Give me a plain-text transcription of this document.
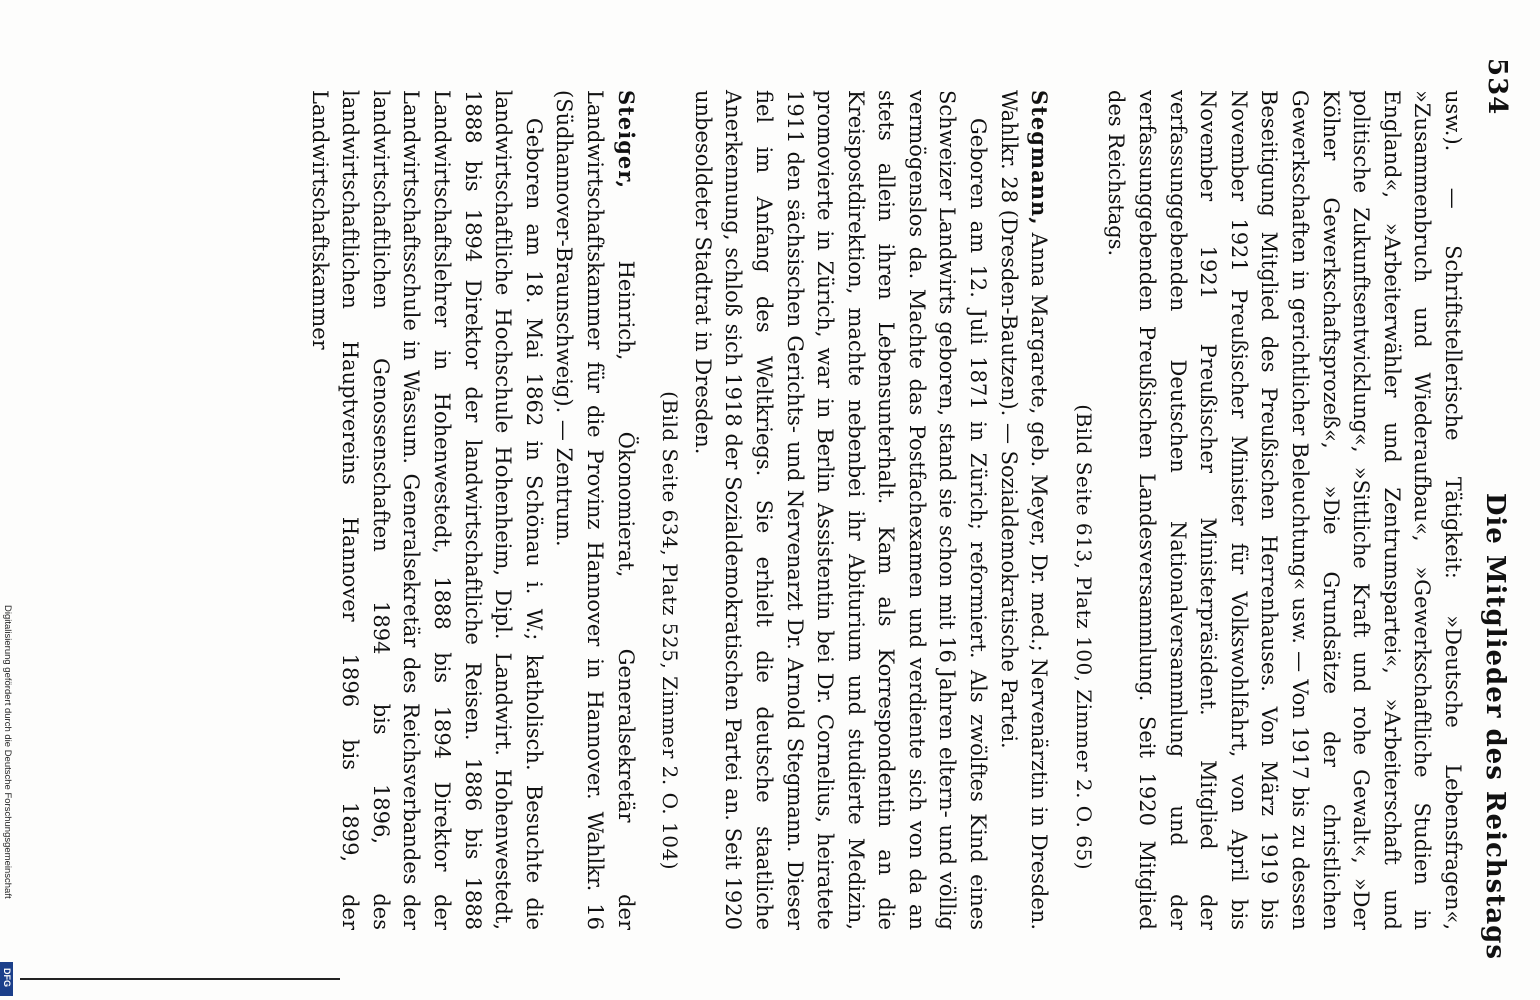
Digitalisierung gefördert durch die Deutsche Forschungsgemeinschaft
DFG
534
Die Mitglieder des Reichstags

usw.). — Schriftstellerische Tätigkeit: »Deutsche Lebensfragen«, »Zusammenbruch und Wiederaufbau«, »Gewerkschaftliche Studien in England«, »Arbeiterwähler und Zentrumspartei«, »Arbeiterschaft und politische Zukunftsentwicklung«, »Sittliche Kraft und rohe Gewalt«, »Der Kölner Gewerkschaftsprozeß«, »Die Grundsätze der christlichen Gewerkschaften in gerichtlicher Beleuchtung« usw. — Von 1917 bis zu dessen Beseitigung Mitglied des Preußischen Herrenhauses. Von März 1919 bis November 1921 Preußischer Minister für Volkswohlfahrt, von April bis November 1921 Preußischer Ministerpräsident. Mitglied der verfassunggebenden Deutschen Nationalversammlung und der verfassunggebenden Preußischen Landesversammlung. Seit 1920 Mitglied des Reichstags.

(Bild Seite 613, Platz 100, Zimmer 2. O. 65)

Stegmann, Anna Margarete, geb. Meyer, Dr. med.; Nervenärztin in Dresden. Wahlkr. 28 (Dresden-Bautzen). — Sozialdemokratische Partei.

Geboren am 12. Juli 1871 in Zürich; reformiert. Als zwölftes Kind eines Schweizer Landwirts geboren, stand sie schon mit 16 Jahren eltern- und völlig vermögenslos da. Machte das Postfachexamen und verdiente sich von da an stets allein ihren Lebensunterhalt. Kam als Korrespondentin an die Kreispostdirektion, machte nebenbei ihr Abiturium und studierte Medizin, promovierte in Zürich, war in Berlin Assistentin bei Dr. Cornelius, heiratete 1911 den sächsischen Gerichts- und Nervenarzt Dr. Arnold Stegmann. Dieser fiel im Anfang des Weltkriegs. Sie erhielt die deutsche staatliche Anerkennung, schloß sich 1918 der Sozialdemokratischen Partei an. Seit 1920 unbesoldeter Stadtrat in Dresden.

(Bild Seite 634, Platz 525, Zimmer 2. O. 104)

Steiger, Heinrich, Ökonomierat, Generalsekretär der Landwirtschaftskammer für die Provinz Hannover in Hannover. Wahlkr. 16 (Südhannover-Braunschweig). — Zentrum.

Geboren am 18. Mai 1862 in Schönau i. W.; katholisch. Besuchte die landwirtschaftliche Hochschule Hohenheim, Dipl. Landwirt. Hohenwestedt, 1888 bis 1894 Direktor der landwirtschaftliche Reisen. 1886 bis 1888 Landwirtschaftslehrer in Hohenwestedt, 1888 bis 1894 Direktor der Landwirtschaftsschule in Wassum. Generalsekretär des Reichsverbandes der landwirtschaftlichen Genossenschaften 1894 bis 1896, des landwirtschaftlichen Hauptvereins Hannover 1896 bis 1899, der Landwirtschaftskammer
